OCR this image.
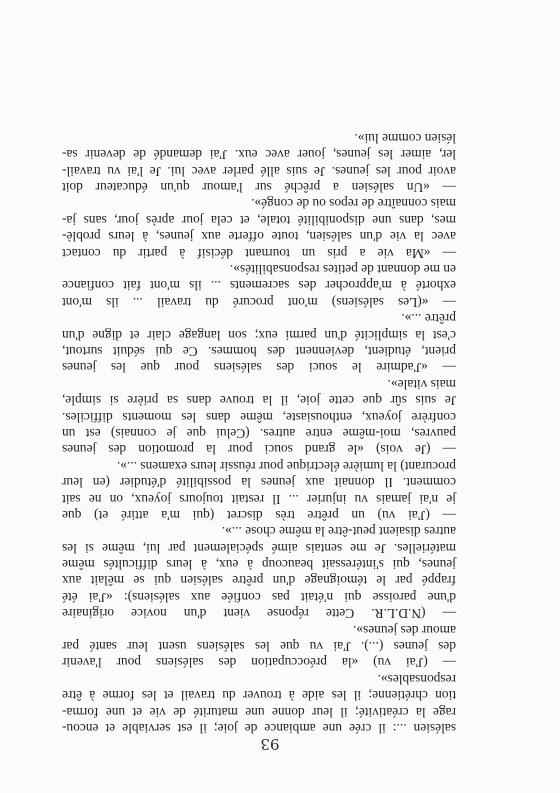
salésien ...: il crée une ambiance de joie; il est serviable et encou-
rage la créativité; il leur donne une maturité de vie et une forma-
tion chrétienne; il les aide à trouver du travail et les forme à être
responsables».
— (J'ai vu) «la préoccupation des salésiens pour l'avenir
des jeunes (...). J'ai vu que les salésiens usent leur santé par
amour des jeunes».
— (N.D.L.R. Cette réponse vient d'un novice originaire
d'une paroisse qui n'était pas confiée aux salésiens): «J'ai été
frappé par le témoignage d'un prêtre salésien qui se mêlait aux
jeunes, qui s'intéressait beaucoup à eux, à leurs difficultés même
matérielles. Je me sentais aimé spécialement par lui, même si les
autres disaient peut-être la même chose ...».
— (J'ai vu) un prêtre très discret (qui m'a attiré et) que
je n'ai jamais vu injurier ... Il restait toujours joyeux, on ne sait
comment. Il donnait aux jeunes la possibilité d'étudier (en leur
procurant) la lumière électrique pour réussir leurs examens ...».
— (Je vois) «le grand souci pour la promotion des jeunes
pauvres, moi-même entre autres. (Celui que je connais) est un
confrère joyeux, enthousiaste, même dans les moments difficiles.
Je suis sûr que cette joie, il la trouve dans sa prière si simple,
mais vitale».
— «J'admire le souci des salésiens pour que les jeunes
prient, étudient, deviennent des hommes. Ce qui séduit surtout,
c'est la simplicité d'un parmi eux; son langage clair et digne d'un
prêtre ...».
— «(Les salésiens) m'ont procuré du travail ... ils m'ont
exhorté à m'approcher des sacrements ... ils m'ont fait confiance
en me donnant de petites responsabilités».
— «Ma vie a pris un tournant décisif à partir du contact
avec la vie d'un salésien, toute offerte aux jeunes, à leurs problè-
mes, dans une disponibilité totale, et cela jour après jour, sans ja-
mais connaître de repos ou de congé».
— «Un salésien a prêché sur l'amour qu'un éducateur doit
avoir pour les jeunes. Je suis allé parler avec lui. Je l'ai vu travail-
ler, aimer les jeunes, jouer avec eux. J'ai demandé de devenir sa-
lésien comme lui».
93
